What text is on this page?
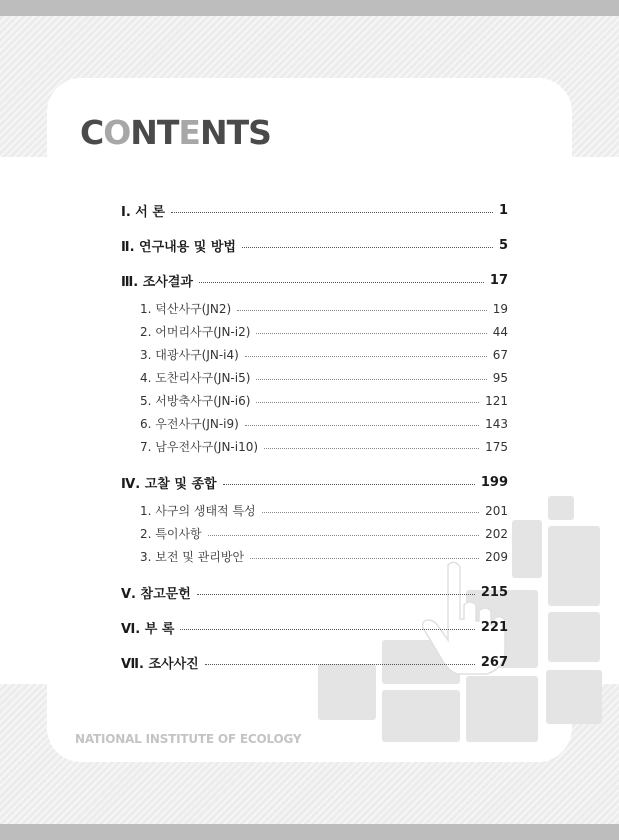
CONTENTS
Ⅰ. 서 론	1
Ⅱ. 연구내용 및 방법	5
Ⅲ. 조사결과	17
1. 덕산사구(JN2)	19
2. 어머리사구(JN-i2)	44
3. 대광사구(JN-i4)	67
4. 도찬리사구(JN-i5)	95
5. 서방축사구(JN-i6)	121
6. 우전사구(JN-i9)	143
7. 남우전사구(JN-i10)	175
Ⅳ. 고찰 및 종합	199
1. 사구의 생태적 특성	201
2. 특이사항	202
3. 보전 및 관리방안	209
Ⅴ. 참고문헌	215
Ⅵ. 부 록	221
Ⅶ. 조사사진	267
NATIONAL INSTITUTE OF ECOLOGY
